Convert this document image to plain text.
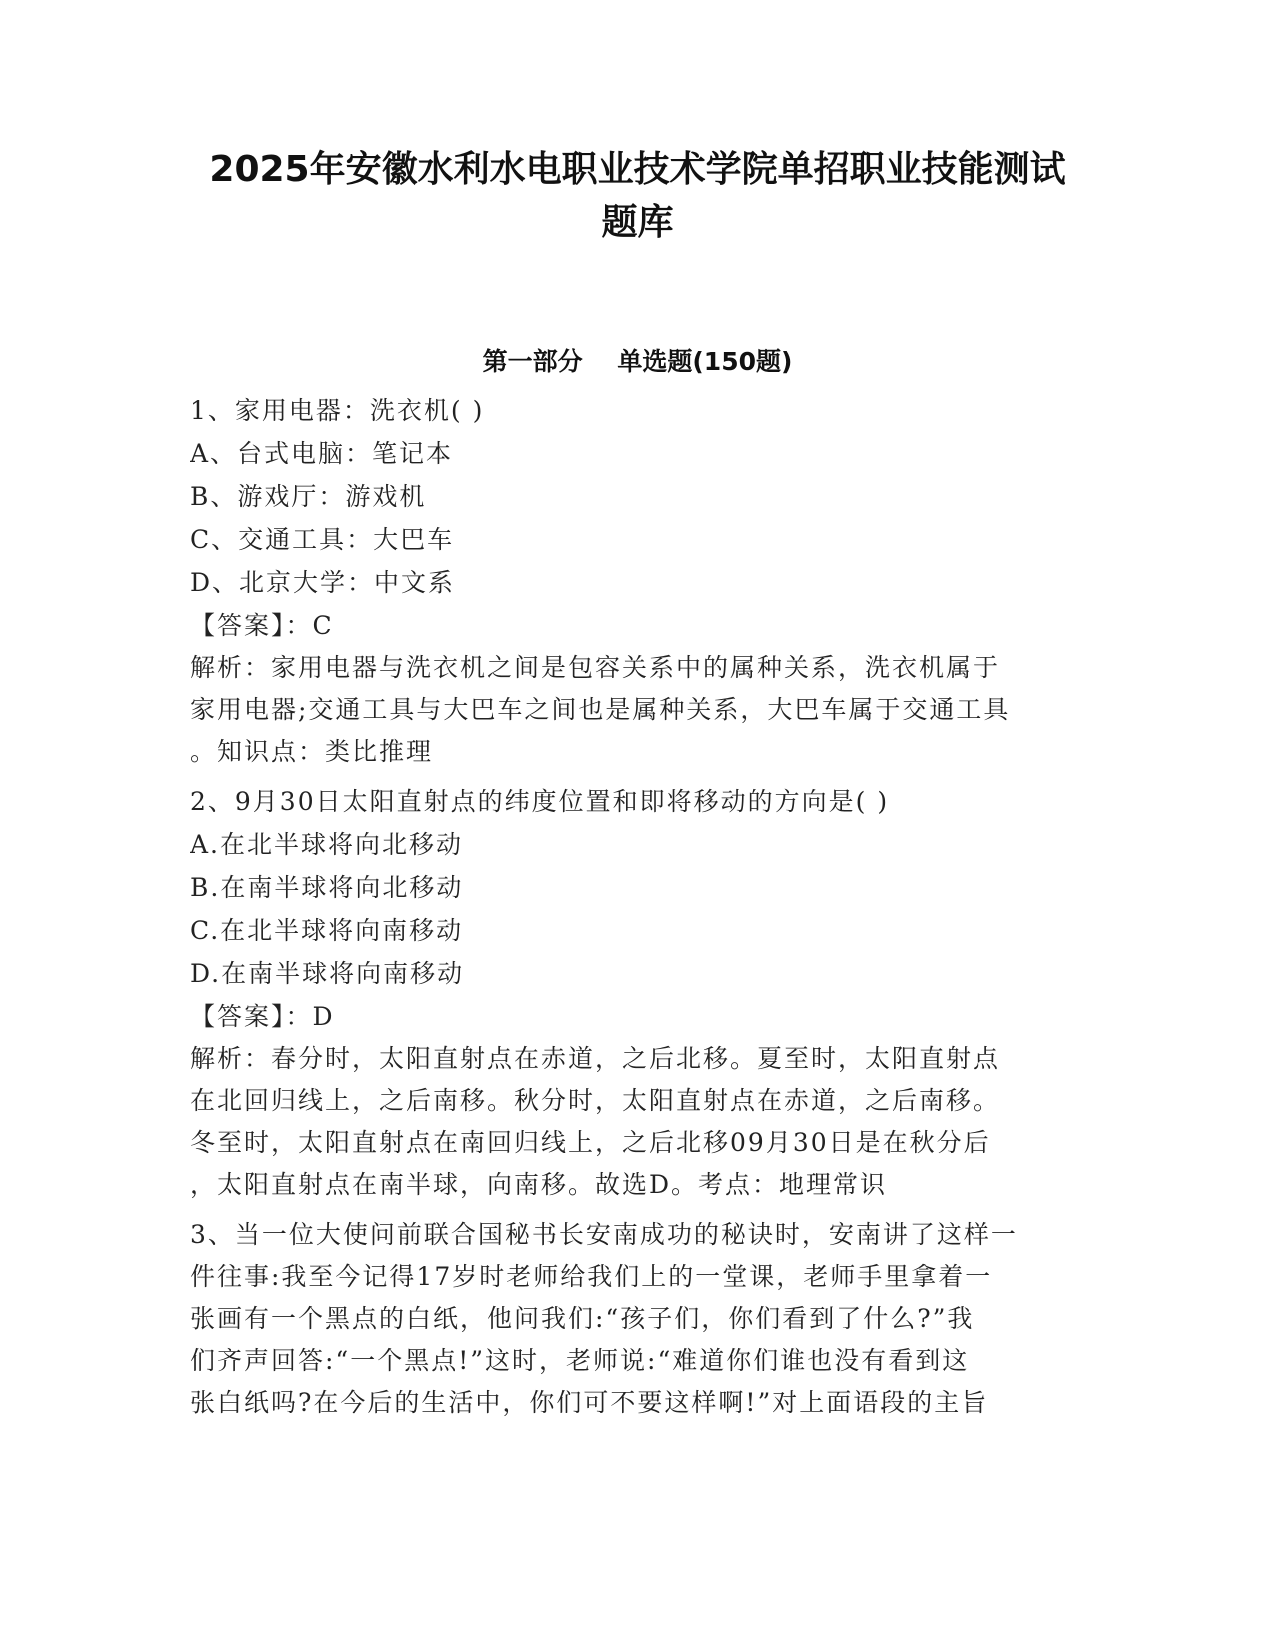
2025年安徽水利水电职业技术学院单招职业技能测试
题库
第一部分    单选题(150题)
1、家用电器：洗衣机( )
A、台式电脑：笔记本
B、游戏厅：游戏机
C、交通工具：大巴车
D、北京大学：中文系
【答案】：C
解析：家用电器与洗衣机之间是包容关系中的属种关系，洗衣机属于
家用电器;交通工具与大巴车之间也是属种关系，大巴车属于交通工具
。知识点：类比推理
2、9月30日太阳直射点的纬度位置和即将移动的方向是( )
A.在北半球将向北移动
B.在南半球将向北移动
C.在北半球将向南移动
D.在南半球将向南移动
【答案】：D
解析：春分时，太阳直射点在赤道，之后北移。夏至时，太阳直射点
在北回归线上，之后南移。秋分时，太阳直射点在赤道，之后南移。
冬至时，太阳直射点在南回归线上，之后北移09月30日是在秋分后
，太阳直射点在南半球，向南移。故选D。考点：地理常识
3、当一位大使问前联合国秘书长安南成功的秘诀时，安南讲了这样一
件往事:我至今记得17岁时老师给我们上的一堂课，老师手里拿着一
张画有一个黑点的白纸，他问我们:“孩子们，你们看到了什么?”我
们齐声回答:“一个黑点!”这时，老师说:“难道你们谁也没有看到这
张白纸吗?在今后的生活中，你们可不要这样啊!”对上面语段的主旨
